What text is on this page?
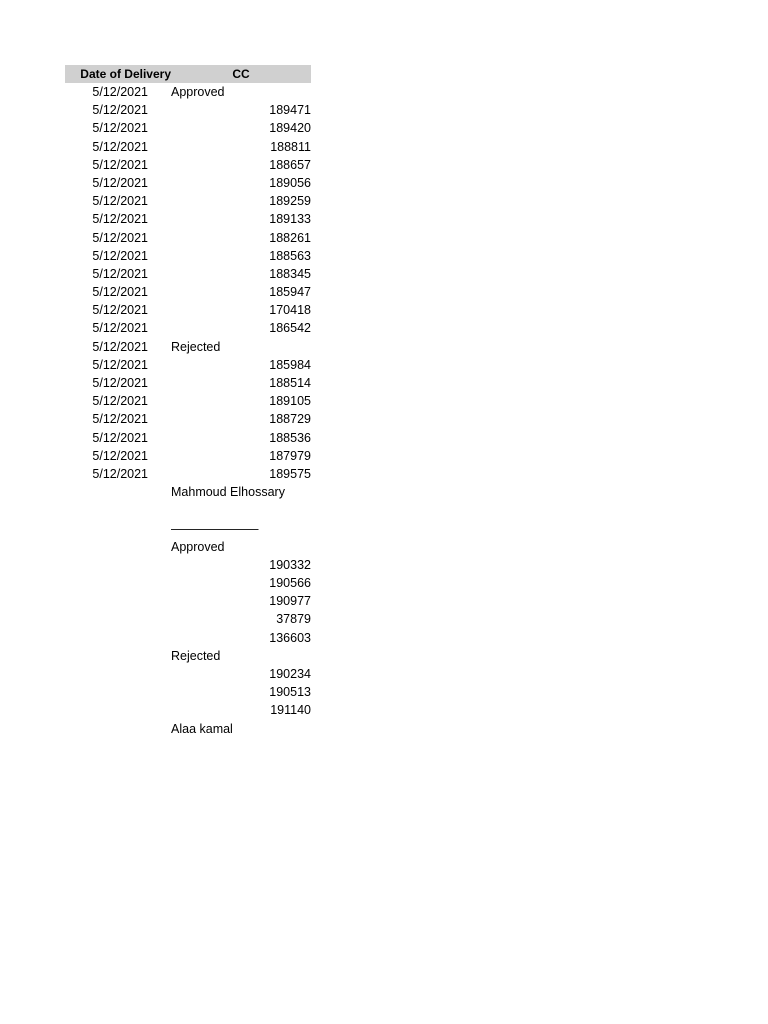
Date of Delivery	CC
5/12/2021 Approved
5/12/2021	189471
5/12/2021	189420
5/12/2021	188811
5/12/2021	188657
5/12/2021	189056
5/12/2021	189259
5/12/2021	189133
5/12/2021	188261
5/12/2021	188563
5/12/2021	188345
5/12/2021	185947
5/12/2021	170418
5/12/2021	186542
5/12/2021 Rejected
5/12/2021	185984
5/12/2021	188514
5/12/2021	189105
5/12/2021	188729
5/12/2021	188536
5/12/2021	187979
5/12/2021	189575
Mahmoud Elhossary
———————
Approved
190332
190566
190977
37879
136603
Rejected
190234
190513
191140
Alaa kamal
